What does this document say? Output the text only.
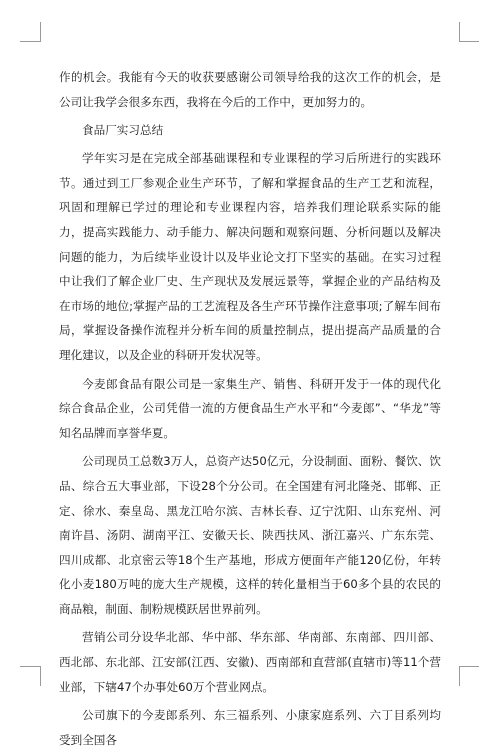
作的机会。我能有今天的收获要感谢公司领导给我的这次工作的机会，是公司让我学会很多东西，我将在今后的工作中，更加努力的。

食品厂实习总结

学年实习是在完成全部基础课程和专业课程的学习后所进行的实践环节。通过到工厂参观企业生产环节，了解和掌握食品的生产工艺和流程，巩固和理解已学过的理论和专业课程内容，培养我们理论联系实际的能力，提高实践能力、动手能力、解决问题和观察问题、分析问题以及解决问题的能力，为后续毕业设计以及毕业论文打下坚实的基础。在实习过程中让我们了解企业厂史、生产现状及发展远景等，掌握企业的产品结构及在市场的地位;掌握产品的工艺流程及各生产环节操作注意事项;了解车间布局，掌握设备操作流程并分析车间的质量控制点，提出提高产品质量的合理化建议，以及企业的科研开发状况等。

今麦郎食品有限公司是一家集生产、销售、科研开发于一体的现代化综合食品企业，公司凭借一流的方便食品生产水平和“今麦郎”、“华龙”等知名品牌而享誉华夏。

公司现员工总数3万人，总资产达50亿元，分设制面、面粉、餐饮、饮品、综合五大事业部，下设28个分公司。在全国建有河北隆尧、邯郸、正定、徐水、秦皇岛、黑龙江哈尔滨、吉林长春、辽宁沈阳、山东兖州、河南许昌、汤阴、湖南平江、安徽天长、陕西扶风、浙江嘉兴、广东东莞、四川成都、北京密云等18个生产基地，形成方便面年产能120亿份，年转化小麦180万吨的庞大生产规模，这样的转化量相当于60多个县的农民的商品粮，制面、制粉规模跃居世界前列。

营销公司分设华北部、华中部、华东部、华南部、东南部、四川部、西北部、东北部、江安部(江西、安徽)、西南部和直营部(直辖市)等11个营业部，下辖47个办事处60万个营业网点。

公司旗下的今麦郎系列、东三福系列、小康家庭系列、六丁目系列均受到全国各
